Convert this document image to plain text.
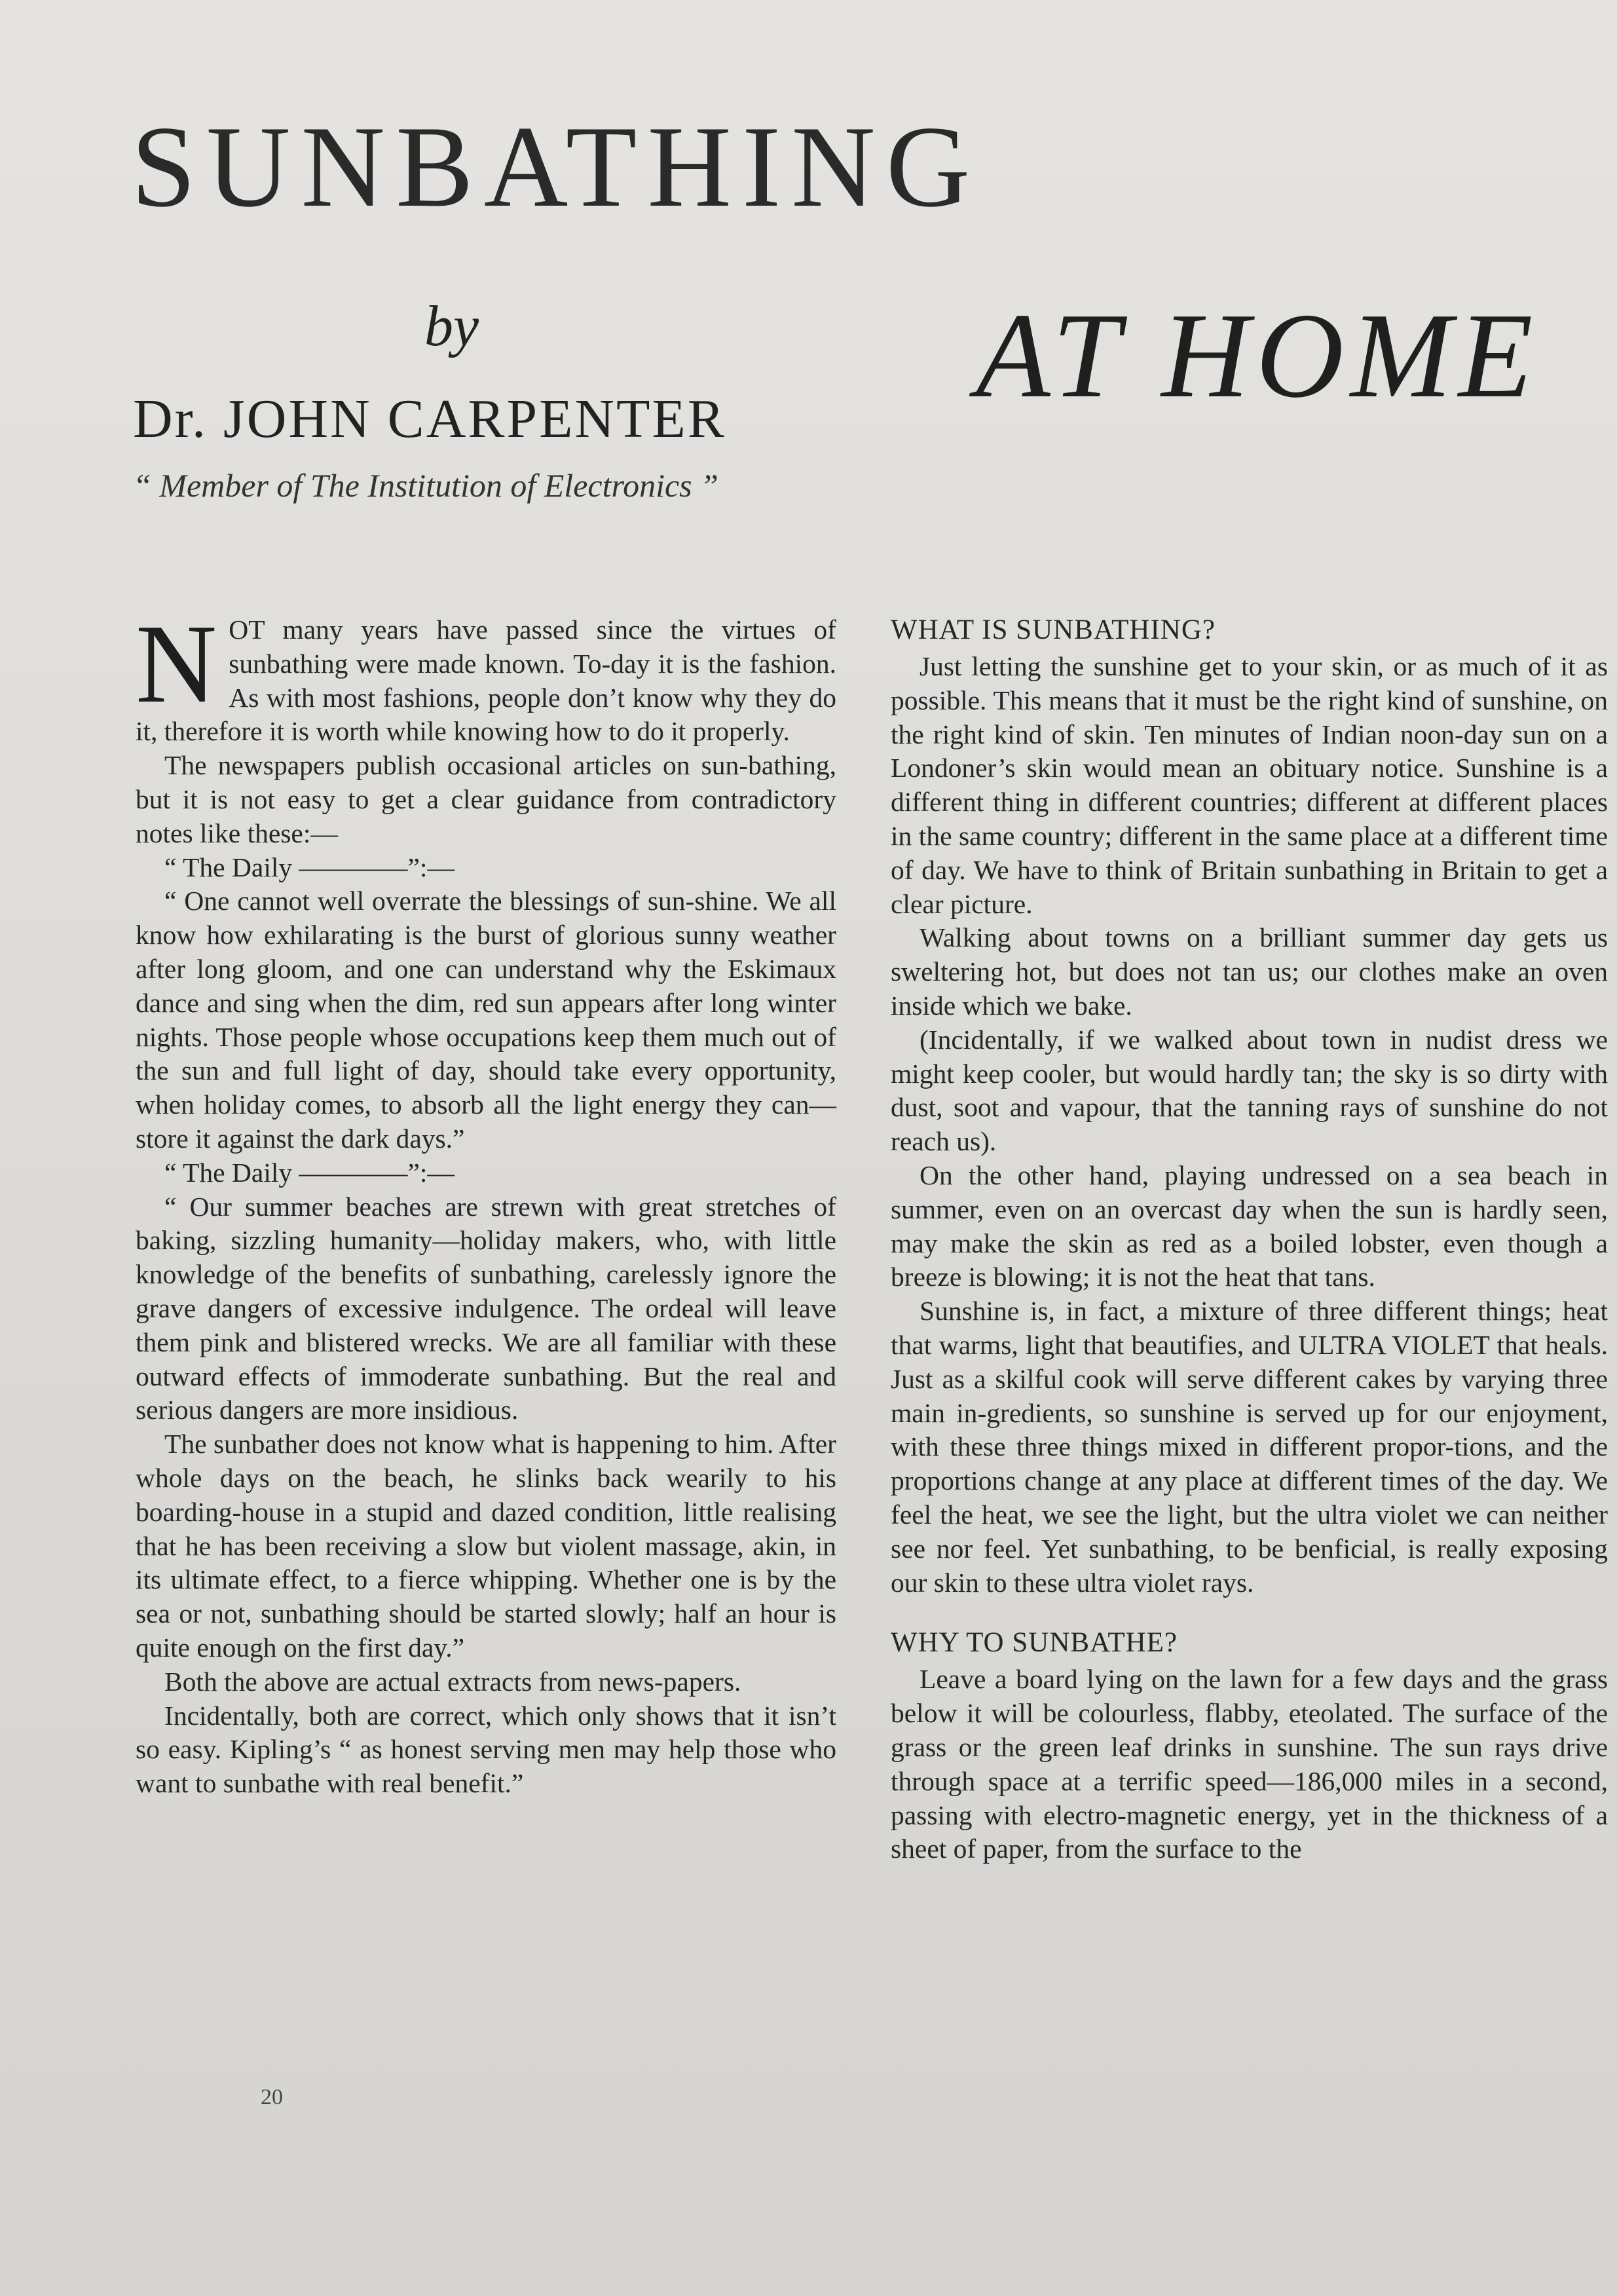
SUNBATHING
by	AT HOME
Dr. JOHN CARPENTER
“ Member of The Institution of Electronics ”

NOT many years have passed since the virtues of sunbathing were made known. To-day it is the fashion. As with most fashions, people don’t know why they do it, therefore it is worth while knowing how to do it properly.

The newspapers publish occasional articles on sun-bathing, but it is not easy to get a clear guidance from contradictory notes like these:—

“ The Daily ————”:—

“ One cannot well overrate the blessings of sun-shine. We all know how exhilarating is the burst of glorious sunny weather after long gloom, and one can understand why the Eskimaux dance and sing when the dim, red sun appears after long winter nights. Those people whose occupations keep them much out of the sun and full light of day, should take every opportunity, when holiday comes, to absorb all the light energy they can—store it against the dark days.”

“ The Daily ————”:—

“ Our summer beaches are strewn with great stretches of baking, sizzling humanity—holiday makers, who, with little knowledge of the benefits of sunbathing, carelessly ignore the grave dangers of excessive indulgence. The ordeal will leave them pink and blistered wrecks. We are all familiar with these outward effects of immoderate sunbathing. But the real and serious dangers are more insidious.

The sunbather does not know what is happening to him. After whole days on the beach, he slinks back wearily to his boarding-house in a stupid and dazed condition, little realising that he has been receiving a slow but violent massage, akin, in its ultimate effect, to a fierce whipping. Whether one is by the sea or not, sunbathing should be started slowly; half an hour is quite enough on the first day.”

Both the above are actual extracts from news-papers.

Incidentally, both are correct, which only shows that it isn’t so easy. Kipling’s “ as honest serving men may help those who want to sunbathe with real benefit.”

WHAT IS SUNBATHING?

Just letting the sunshine get to your skin, or as much of it as possible. This means that it must be the right kind of sunshine, on the right kind of skin. Ten minutes of Indian noon-day sun on a Londoner’s skin would mean an obituary notice. Sunshine is a different thing in different countries; different at different places in the same country; different in the same place at a different time of day. We have to think of Britain sunbathing in Britain to get a clear picture.

Walking about towns on a brilliant summer day gets us sweltering hot, but does not tan us; our clothes make an oven inside which we bake.

(Incidentally, if we walked about town in nudist dress we might keep cooler, but would hardly tan; the sky is so dirty with dust, soot and vapour, that the tanning rays of sunshine do not reach us).

On the other hand, playing undressed on a sea beach in summer, even on an overcast day when the sun is hardly seen, may make the skin as red as a boiled lobster, even though a breeze is blowing; it is not the heat that tans.

Sunshine is, in fact, a mixture of three different things; heat that warms, light that beautifies, and ULTRA VIOLET that heals. Just as a skilful cook will serve different cakes by varying three main in-gredients, so sunshine is served up for our enjoyment, with these three things mixed in different propor-tions, and the proportions change at any place at different times of the day. We feel the heat, we see the light, but the ultra violet we can neither see nor feel. Yet sunbathing, to be benficial, is really exposing our skin to these ultra violet rays.

WHY TO SUNBATHE?

Leave a board lying on the lawn for a few days and the grass below it will be colourless, flabby, eteolated. The surface of the grass or the green leaf drinks in sunshine. The sun rays drive through space at a terrific speed—186,000 miles in a second, passing with electro-magnetic energy, yet in the thickness of a sheet of paper, from the surface to the

20
